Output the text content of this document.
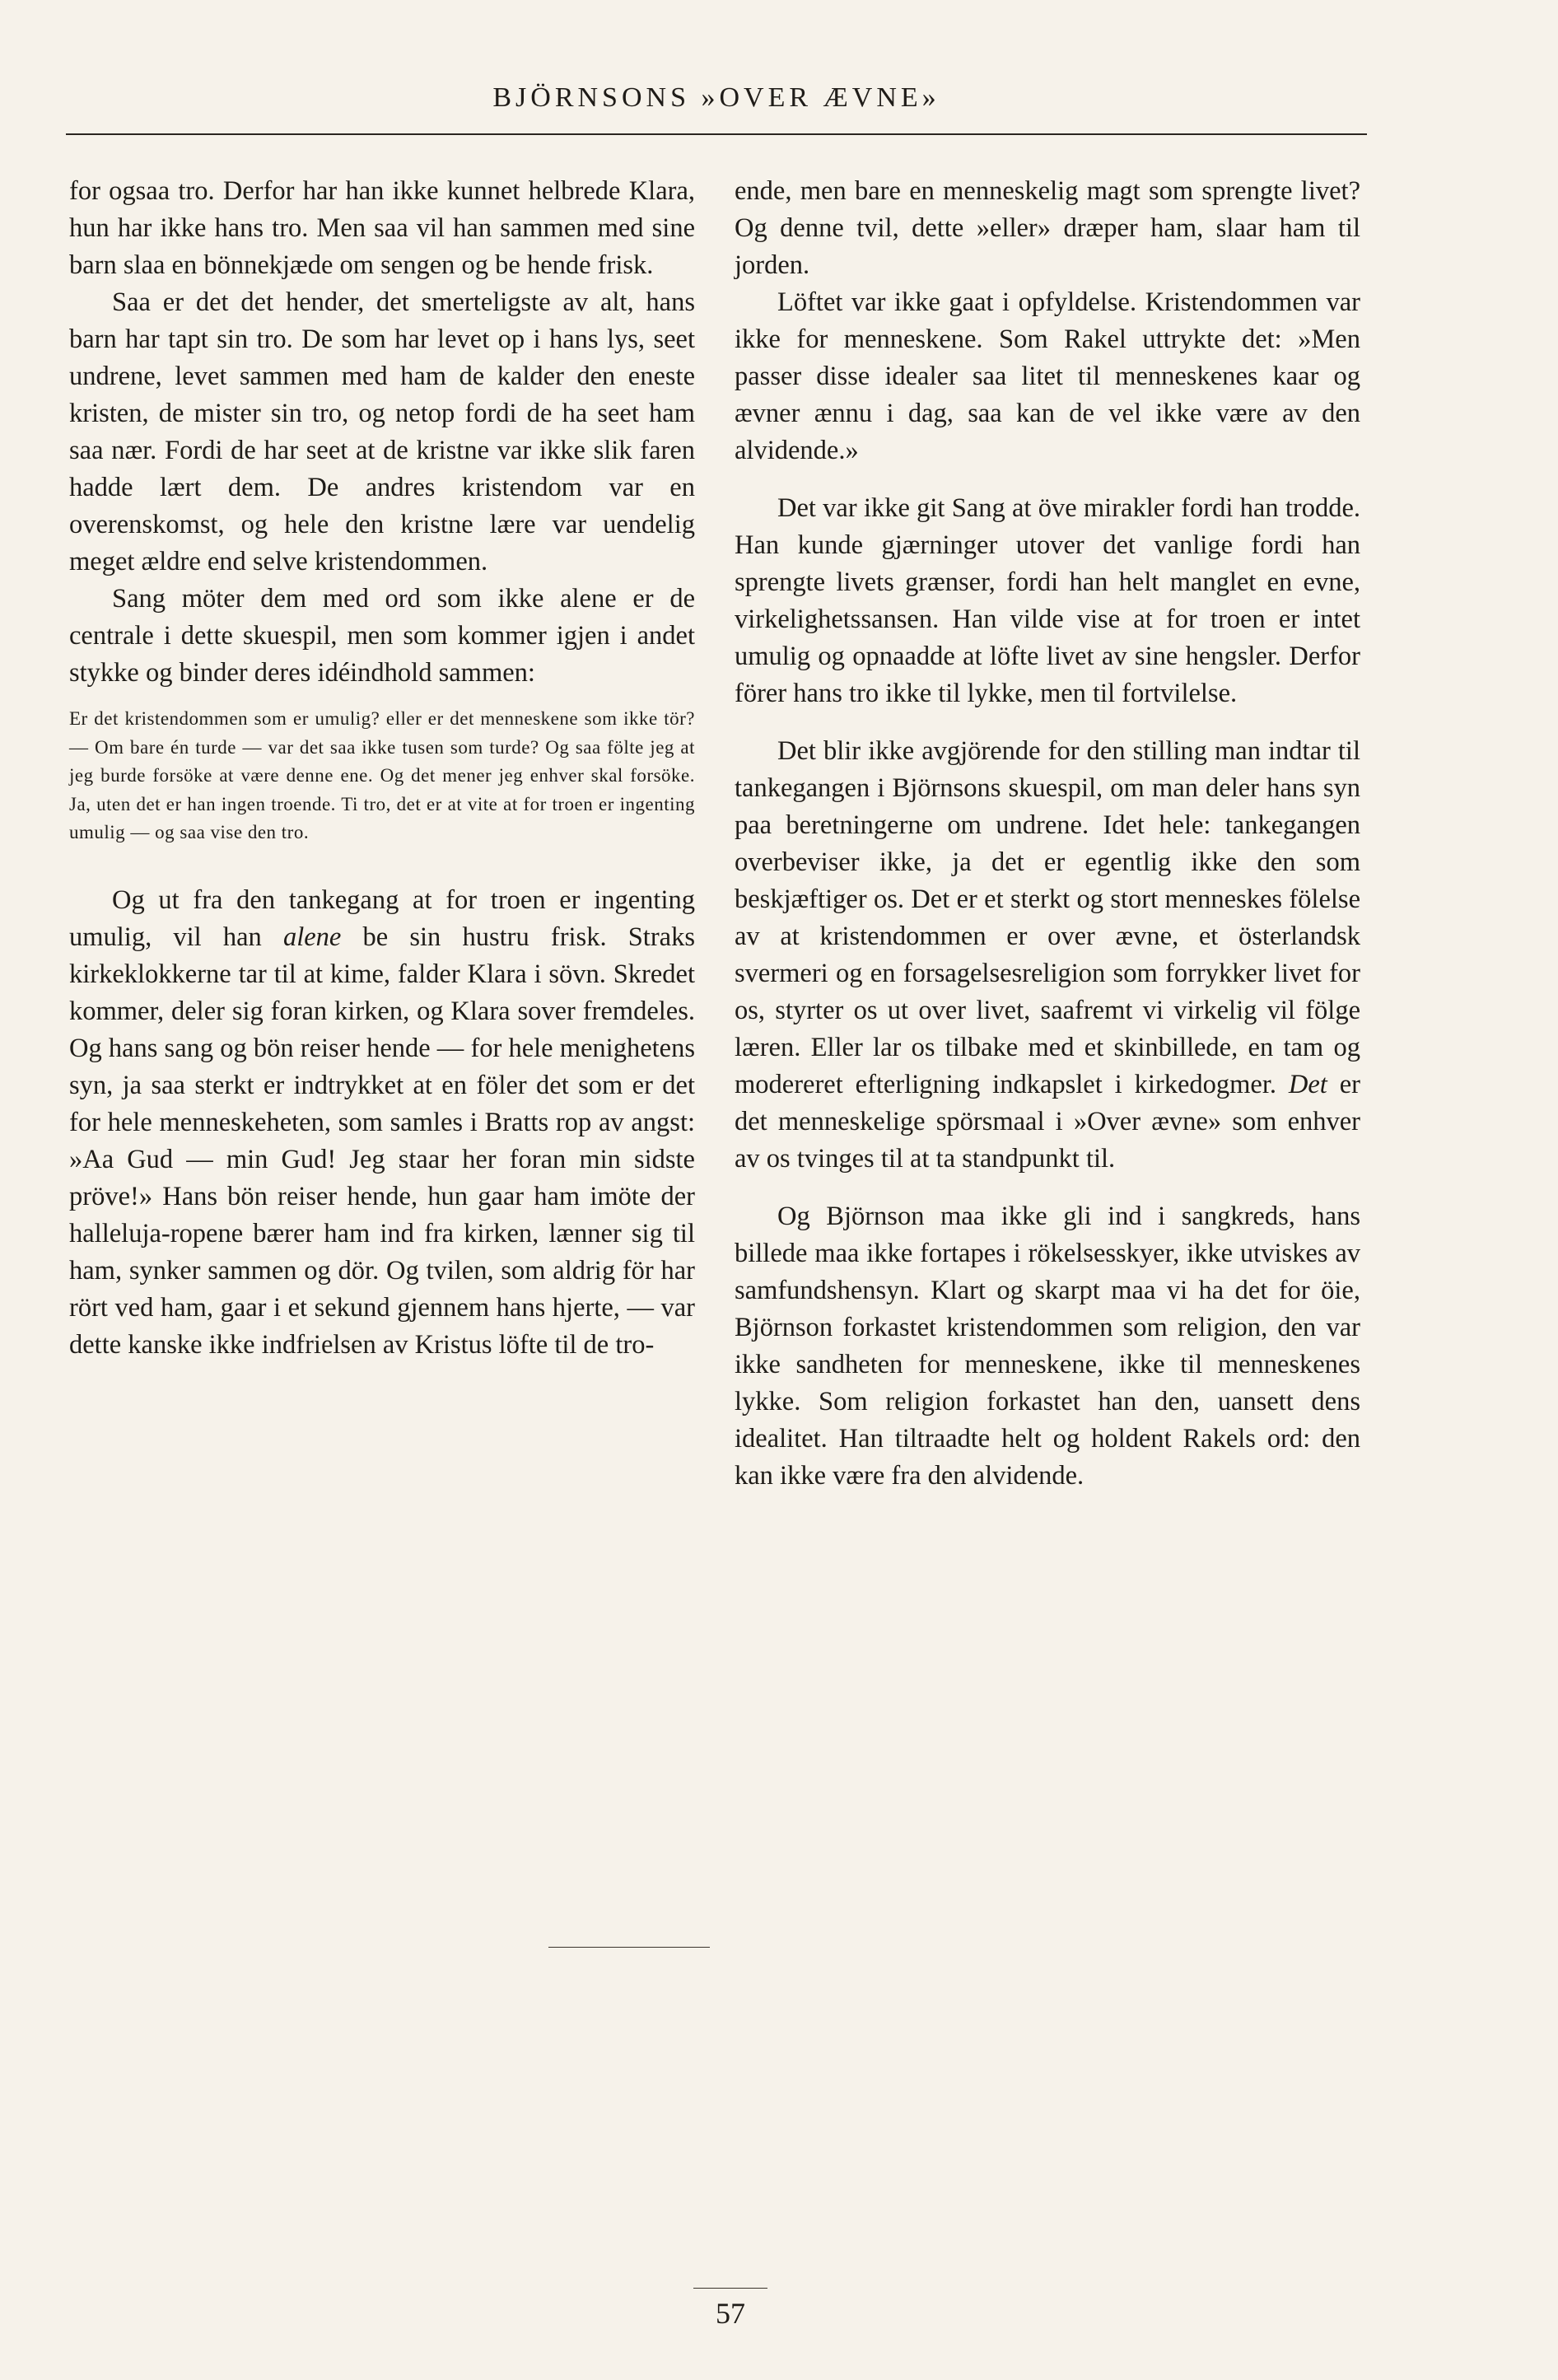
BJÖRNSONS »OVER ÆVNE»

for ogsaa tro. Derfor har han ikke kunnet helbrede Klara, hun har ikke hans tro. Men saa vil han sammen med sine barn slaa en bönnekjæde om sengen og be hende frisk.

Saa er det det hender, det smerteligste av alt, hans barn har tapt sin tro. De som har levet op i hans lys, seet undrene, levet sammen med ham de kalder den eneste kristen, de mister sin tro, og netop fordi de ha seet ham saa nær. Fordi de har seet at de kristne var ikke slik faren hadde lært dem. De andres kristendom var en overenskomst, og hele den kristne lære var uendelig meget ældre end selve kristendommen.

Sang möter dem med ord som ikke alene er de centrale i dette skuespil, men som kommer igjen i andet stykke og binder deres idéindhold sammen:

Er det kristendommen som er umulig? eller er det menneskene som ikke tör? — Om bare én turde — var det saa ikke tusen som turde? Og saa fölte jeg at jeg burde forsöke at være denne ene. Og det mener jeg enhver skal forsöke. Ja, uten det er han ingen troende. Ti tro, det er at vite at for troen er ingenting umulig — og saa vise den tro.

Og ut fra den tankegang at for troen er ingenting umulig, vil han alene be sin hustru frisk. Straks kirkeklokkerne tar til at kime, falder Klara i sövn. Skredet kommer, deler sig foran kirken, og Klara sover fremdeles. Og hans sang og bön reiser hende — for hele menighetens syn, ja saa sterkt er indtrykket at en föler det som er det for hele menneskeheten, som samles i Bratts rop av angst: »Aa Gud — min Gud! Jeg staar her foran min sidste pröve!» Hans bön reiser hende, hun gaar ham imöte der halleluja-ropene bærer ham ind fra kirken, lænner sig til ham, synker sammen og dör. Og tvilen, som aldrig för har rört ved ham, gaar i et sekund gjennem hans hjerte, — var dette kanske ikke indfrielsen av Kristus löfte til de tro-

ende, men bare en menneskelig magt som sprengte livet? Og denne tvil, dette »eller» dræper ham, slaar ham til jorden.

Löftet var ikke gaat i opfyldelse. Kristendommen var ikke for menneskene. Som Rakel uttrykte det: »Men passer disse idealer saa litet til menneskenes kaar og ævner ænnu i dag, saa kan de vel ikke være av den alvidende.»

Det var ikke git Sang at öve mirakler fordi han trodde. Han kunde gjærninger utover det vanlige fordi han sprengte livets grænser, fordi han helt manglet en evne, virkelighetssansen. Han vilde vise at for troen er intet umulig og opnaadde at löfte livet av sine hengsler. Derfor förer hans tro ikke til lykke, men til fortvilelse.

Det blir ikke avgjörende for den stilling man indtar til tankegangen i Björnsons skuespil, om man deler hans syn paa beretningerne om undrene. Idet hele: tankegangen overbeviser ikke, ja det er egentlig ikke den som beskjæftiger os. Det er et sterkt og stort menneskes fölelse av at kristendommen er over ævne, et österlandsk svermeri og en forsagelsesreligion som forrykker livet for os, styrter os ut over livet, saafremt vi virkelig vil fölge læren. Eller lar os tilbake med et skinbillede, en tam og modereret efterligning indkapslet i kirkedogmer. Det er det menneskelige spörsmaal i »Over ævne» som enhver av os tvinges til at ta standpunkt til.

Og Björnson maa ikke gli ind i sangkreds, hans billede maa ikke fortapes i rökelsesskyer, ikke utviskes av samfundshensyn. Klart og skarpt maa vi ha det for öie, Björnson forkastet kristendommen som religion, den var ikke sandheten for menneskene, ikke til menneskenes lykke. Som religion forkastet han den, uansett dens idealitet. Han tiltraadte helt og holdent Rakels ord: den kan ikke være fra den alvidende.

57
